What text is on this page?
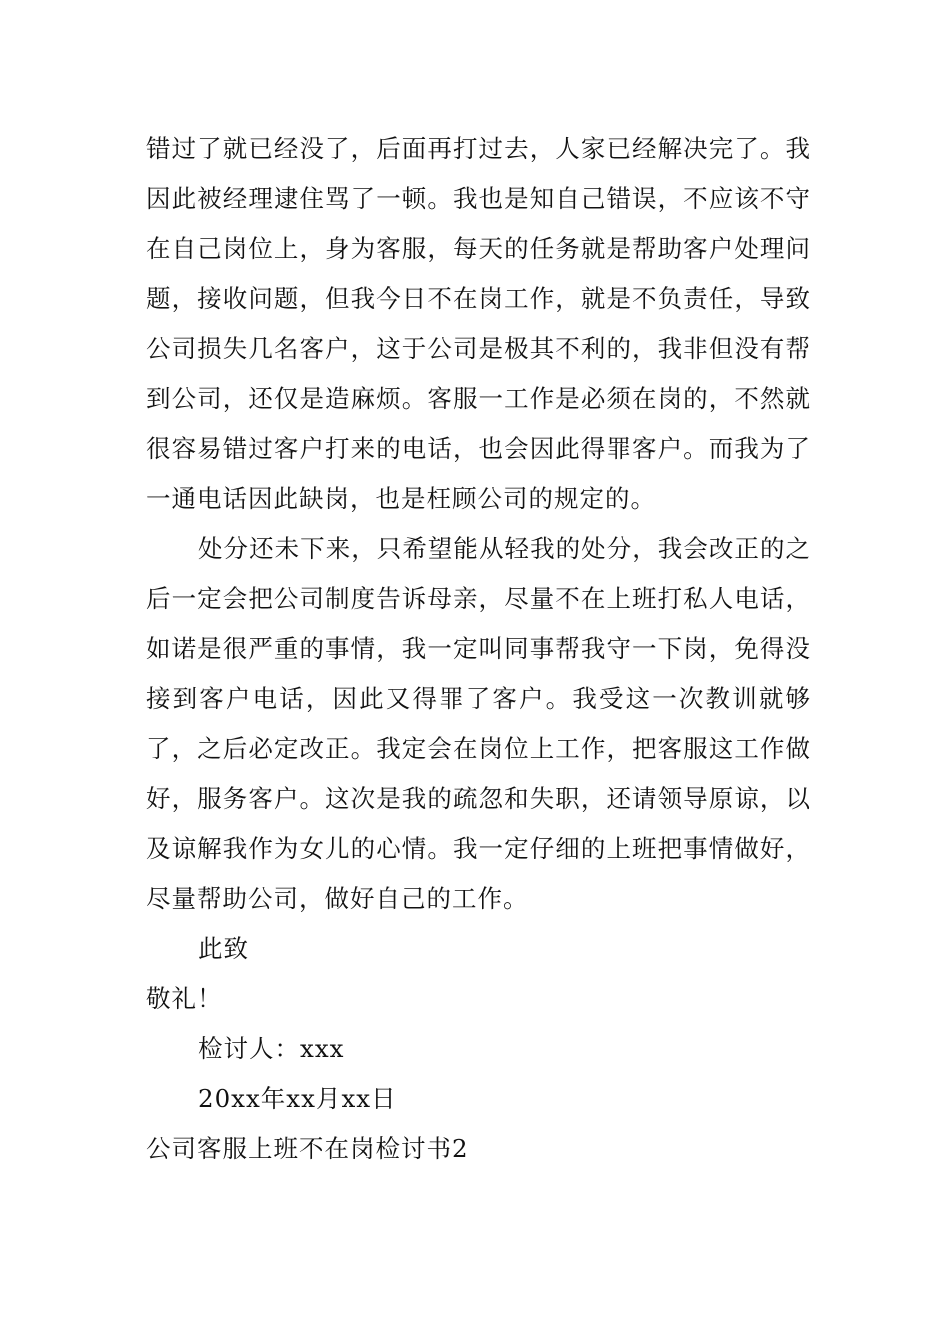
错过了就已经没了，后面再打过去，人家已经解决完了。我因此被经理逮住骂了一顿。我也是知自己错误，不应该不守在自己岗位上，身为客服，每天的任务就是帮助客户处理问题，接收问题，但我今日不在岗工作，就是不负责任，导致公司损失几名客户，这于公司是极其不利的，我非但没有帮到公司，还仅是造麻烦。客服一工作是必须在岗的，不然就很容易错过客户打来的电话，也会因此得罪客户。而我为了一通电话因此缺岗，也是枉顾公司的规定的。

处分还未下来，只希望能从轻我的处分，我会改正的之后一定会把公司制度告诉母亲，尽量不在上班打私人电话，如诺是很严重的事情，我一定叫同事帮我守一下岗，免得没接到客户电话，因此又得罪了客户。我受这一次教训就够了，之后必定改正。我定会在岗位上工作，把客服这工作做好，服务客户。这次是我的疏忽和失职，还请领导原谅，以及谅解我作为女儿的心情。我一定仔细的上班把事情做好，尽量帮助公司，做好自己的工作。

此致

敬礼！

检讨人：xxx

20xx年xx月xx日

公司客服上班不在岗检讨书2
